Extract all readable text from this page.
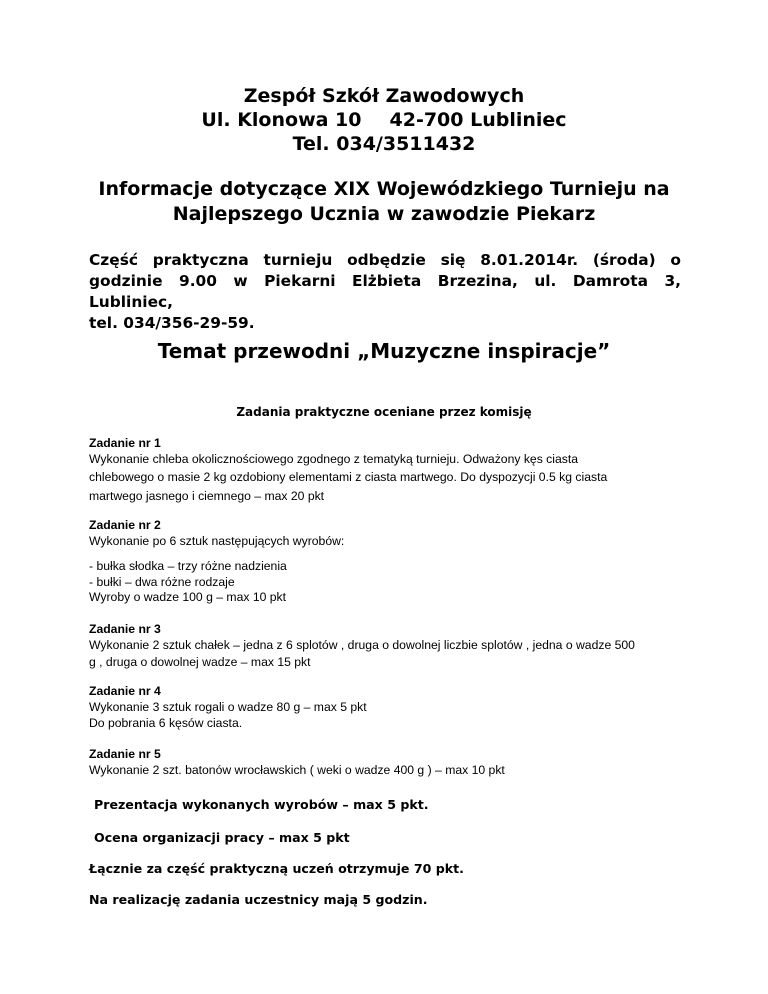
Zespół Szkół Zawodowych
Ul. Klonowa 10 42-700 Lubliniec
Tel. 034/3511432
Informacje dotyczące XIX Wojewódzkiego Turnieju na
Najlepszego Ucznia w zawodzie Piekarz
Część praktyczna turnieju odbędzie się 8.01.2014r. (środa) o
godzinie 9.00 w Piekarni Elżbieta Brzezina, ul. Damrota 3, Lubliniec,
tel. 034/356-29-59.
Temat przewodni „Muzyczne inspiracje”
Zadania praktyczne oceniane przez komisję
Zadanie nr 1
Wykonanie chleba okolicznościowego zgodnego z tematyką turnieju. Odważony kęs ciasta
chlebowego o masie 2 kg ozdobiony elementami z ciasta martwego. Do dyspozycji 0.5 kg ciasta
martwego jasnego i ciemnego – max 20 pkt
Zadanie nr 2
Wykonanie po 6 sztuk następujących wyrobów:
- bułka słodka – trzy różne nadzienia
- bułki – dwa różne rodzaje
Wyroby o wadze 100 g – max 10 pkt
Zadanie nr 3
Wykonanie 2 sztuk chałek – jedna z 6 splotów , druga o dowolnej liczbie splotów , jedna o wadze 500
g , druga o dowolnej wadze – max 15 pkt
Zadanie nr 4
Wykonanie 3 sztuk rogali o wadze 80 g – max 5 pkt
Do pobrania 6 kęsów ciasta.
Zadanie nr 5
Wykonanie 2 szt. batonów wrocławskich ( weki o wadze 400 g ) – max 10 pkt
Prezentacja wykonanych wyrobów – max 5 pkt.
Ocena organizacji pracy – max 5 pkt
Łącznie za część praktyczną uczeń otrzymuje 70 pkt.
Na realizację zadania uczestnicy mają 5 godzin.
